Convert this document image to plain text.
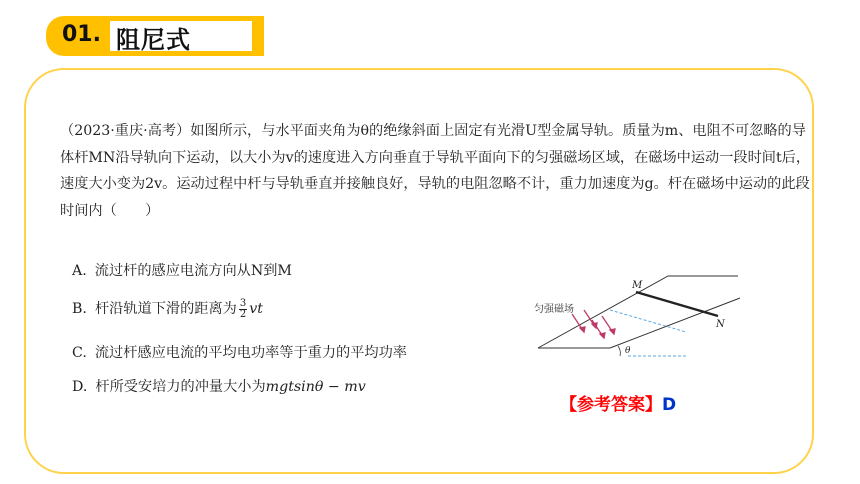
01. 阻尼式
（2023·重庆·高考）如图所示，与水平面夹角为θ的绝缘斜面上固定有光滑U型金属导轨。质量为m、电阻不可忽略的导体杆MN沿导轨向下运动，以大小为v的速度进入方向垂直于导轨平面向下的匀强磁场区域，在磁场中运动一段时间t后，速度大小变为2v。运动过程中杆与导轨垂直并接触良好，导轨的电阻忽略不计，重力加速度为g。杆在磁场中运动的此段时间内（　　）
A. 流过杆的感应电流方向从N到M
B. 杆沿轨道下滑的距离为 $\frac{3}{2}$ vt
C. 流过杆感应电流的平均电功率等于重力的平均功率
D. 杆所受安培力的冲量大小为mgtsinθ − mv
匀强磁场
M
N
θ
【参考答案】D
